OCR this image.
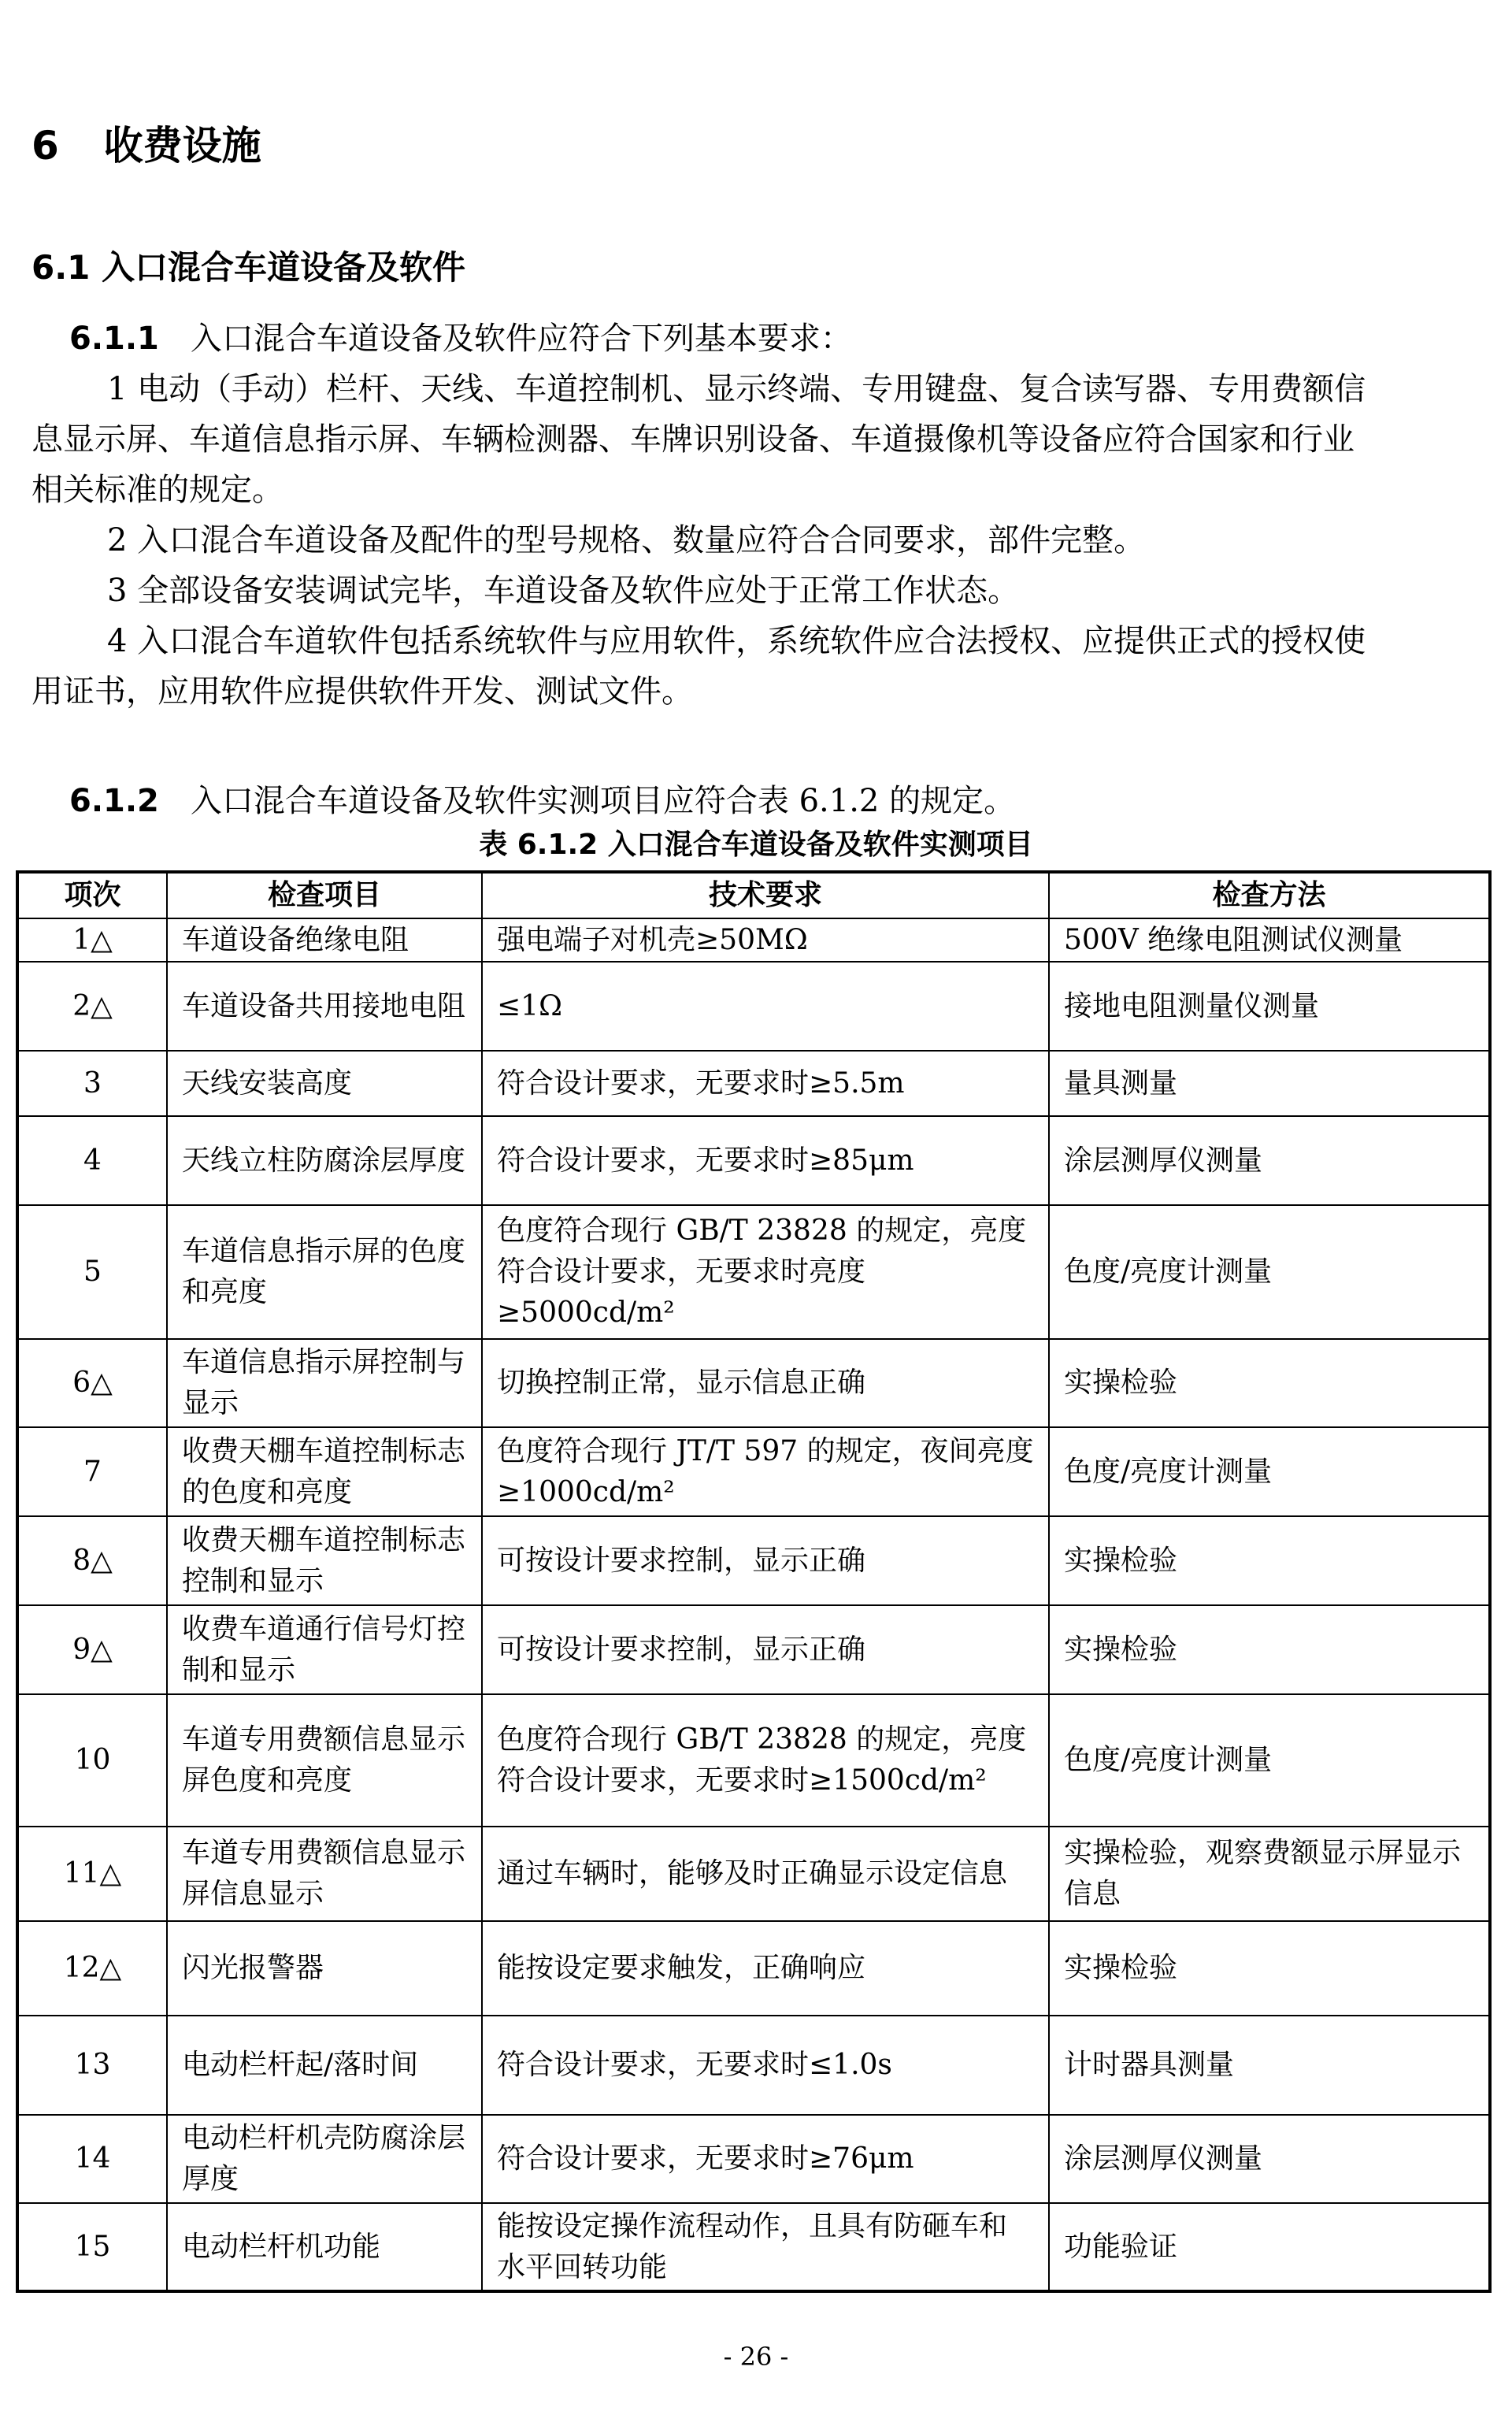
6 收费设施
6.1 入口混合车道设备及软件
6.1.1 入口混合车道设备及软件应符合下列基本要求：
1 电动（手动）栏杆、天线、车道控制机、显示终端、专用键盘、复合读写器、专用费额信息显示屏、车道信息指示屏、车辆检测器、车牌识别设备、车道摄像机等设备应符合国家和行业相关标准的规定。
2 入口混合车道设备及配件的型号规格、数量应符合合同要求，部件完整。
3 全部设备安装调试完毕，车道设备及软件应处于正常工作状态。
4 入口混合车道软件包括系统软件与应用软件，系统软件应合法授权、应提供正式的授权使用证书，应用软件应提供软件开发、测试文件。
6.1.2 入口混合车道设备及软件实测项目应符合表 6.1.2 的规定。
表 6.1.2 入口混合车道设备及软件实测项目
项次	检查项目	技术要求	检查方法
1△	车道设备绝缘电阻	强电端子对机壳≥50MΩ	500V 绝缘电阻测试仪测量
2△	车道设备共用接地电阻	≤1Ω	接地电阻测量仪测量
3	天线安装高度	符合设计要求，无要求时≥5.5m	量具测量
4	天线立柱防腐涂层厚度	符合设计要求，无要求时≥85μm	涂层测厚仪测量
5	车道信息指示屏的色度和亮度	色度符合现行 GB/T 23828 的规定，亮度符合设计要求，无要求时亮度≥5000cd/m²	色度/亮度计测量
6△	车道信息指示屏控制与显示	切换控制正常，显示信息正确	实操检验
7	收费天棚车道控制标志的色度和亮度	色度符合现行 JT/T 597 的规定，夜间亮度≥1000cd/m²	色度/亮度计测量
8△	收费天棚车道控制标志控制和显示	可按设计要求控制，显示正确	实操检验
9△	收费车道通行信号灯控制和显示	可按设计要求控制，显示正确	实操检验
10	车道专用费额信息显示屏色度和亮度	色度符合现行 GB/T 23828 的规定，亮度符合设计要求，无要求时≥1500cd/m²	色度/亮度计测量
11△	车道专用费额信息显示屏信息显示	通过车辆时，能够及时正确显示设定信息	实操检验，观察费额显示屏显示信息
12△	闪光报警器	能按设定要求触发，正确响应	实操检验
13	电动栏杆起/落时间	符合设计要求，无要求时≤1.0s	计时器具测量
14	电动栏杆机壳防腐涂层厚度	符合设计要求，无要求时≥76μm	涂层测厚仪测量
15	电动栏杆机功能	能按设定操作流程动作，且具有防砸车和水平回转功能	功能验证
- 26 -
